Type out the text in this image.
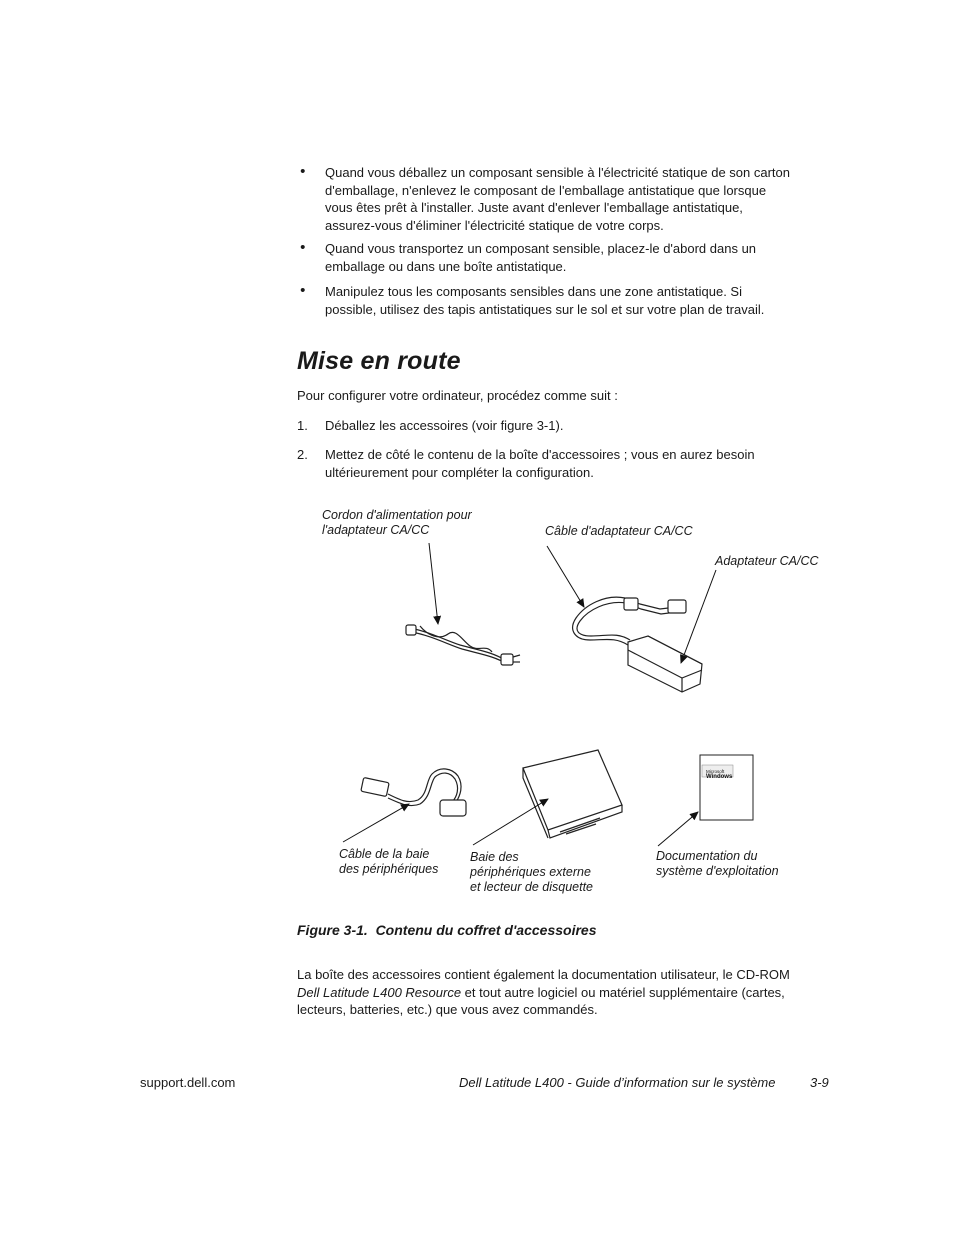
• Quand vous déballez un composant sensible à l'électricité statique de son carton
d'emballage, n'enlevez le composant de l'emballage antistatique que lorsque
vous êtes prêt à l'installer. Juste avant d'enlever l'emballage antistatique,
assurez-vous d'éliminer l'électricité statique de votre corps.
• Quand vous transportez un composant sensible, placez-le d'abord dans un
emballage ou dans une boîte antistatique.
• Manipulez tous les composants sensibles dans une zone antistatique. Si
possible, utilisez des tapis antistatiques sur le sol et sur votre plan de travail.
Mise en route
Pour configurer votre ordinateur, procédez comme suit :
1. Déballez les accessoires (voir figure 3-1).
2. Mettez de côté le contenu de la boîte d'accessoires ; vous en aurez besoin
ultérieurement pour compléter la configuration.
Cordon d'alimentation pour
l'adaptateur CA/CC	Câble d'adaptateur CA/CC
Adaptateur CA/CC
Câble de la baie
des périphériques
Baie des
périphériques externe
et lecteur de disquette
Documentation du
système d'exploitation
Microsoft
Windows
Figure 3-1.  Contenu du coffret d'accessoires
La boîte des accessoires contient également la documentation utilisateur, le CD-ROM
Dell Latitude L400 Resource et tout autre logiciel ou matériel supplémentaire (cartes,
lecteurs, batteries, etc.) que vous avez commandés.
support.dell.com	Dell Latitude L400 - Guide d’information sur le système	3-9
